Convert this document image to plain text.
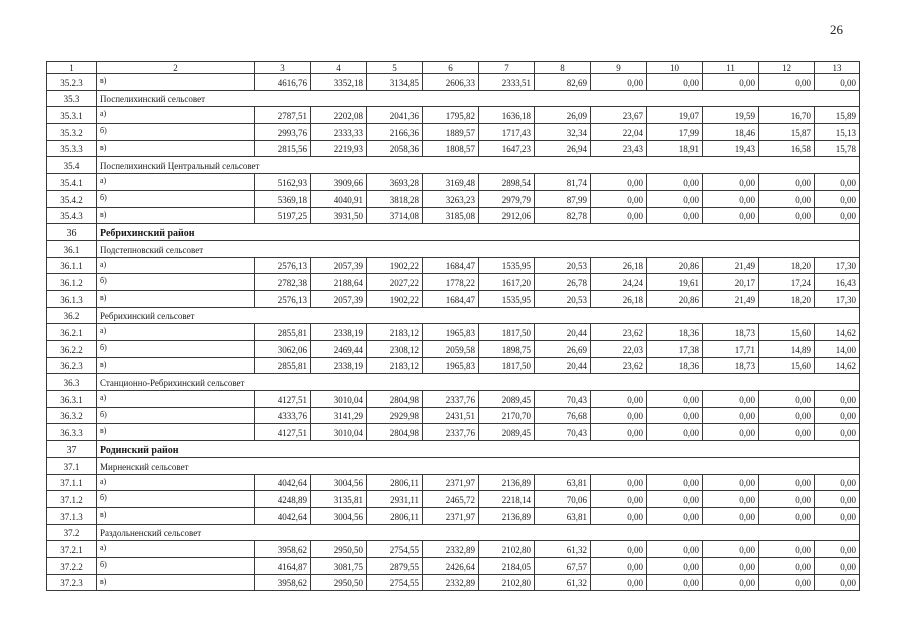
26
1	2	3	4	5	6	7	8	9	10	11	12	13
35.2.3	в)	4616,76	3352,18	3134,85	2606,33	2333,51	82,69	0,00	0,00	0,00	0,00	0,00
35.3	Поспелихинский сельсовет											
35.3.1	а)	2787,51	2202,08	2041,36	1795,82	1636,18	26,09	23,67	19,07	19,59	16,70	15,89
35.3.2	б)	2993,76	2333,33	2166,36	1889,57	1717,43	32,34	22,04	17,99	18,46	15,87	15,13
35.3.3	в)	2815,56	2219,93	2058,36	1808,57	1647,23	26,94	23,43	18,91	19,43	16,58	15,78
35.4	Поспелихинский Центральный сельсовет											
35.4.1	а)	5162,93	3909,66	3693,28	3169,48	2898,54	81,74	0,00	0,00	0,00	0,00	0,00
35.4.2	б)	5369,18	4040,91	3818,28	3263,23	2979,79	87,99	0,00	0,00	0,00	0,00	0,00
35.4.3	в)	5197,25	3931,50	3714,08	3185,08	2912,06	82,78	0,00	0,00	0,00	0,00	0,00
36	Ребрихинский район											
36.1	Подстепновский сельсовет											
36.1.1	а)	2576,13	2057,39	1902,22	1684,47	1535,95	20,53	26,18	20,86	21,49	18,20	17,30
36.1.2	б)	2782,38	2188,64	2027,22	1778,22	1617,20	26,78	24,24	19,61	20,17	17,24	16,43
36.1.3	в)	2576,13	2057,39	1902,22	1684,47	1535,95	20,53	26,18	20,86	21,49	18,20	17,30
36.2	Ребрихинский сельсовет											
36.2.1	а)	2855,81	2338,19	2183,12	1965,83	1817,50	20,44	23,62	18,36	18,73	15,60	14,62
36.2.2	б)	3062,06	2469,44	2308,12	2059,58	1898,75	26,69	22,03	17,38	17,71	14,89	14,00
36.2.3	в)	2855,81	2338,19	2183,12	1965,83	1817,50	20,44	23,62	18,36	18,73	15,60	14,62
36.3	Станционно-Ребрихинский сельсовет											
36.3.1	а)	4127,51	3010,04	2804,98	2337,76	2089,45	70,43	0,00	0,00	0,00	0,00	0,00
36.3.2	б)	4333,76	3141,29	2929,98	2431,51	2170,70	76,68	0,00	0,00	0,00	0,00	0,00
36.3.3	в)	4127,51	3010,04	2804,98	2337,76	2089,45	70,43	0,00	0,00	0,00	0,00	0,00
37	Родинский район											
37.1	Мирненский сельсовет											
37.1.1	а)	4042,64	3004,56	2806,11	2371,97	2136,89	63,81	0,00	0,00	0,00	0,00	0,00
37.1.2	б)	4248,89	3135,81	2931,11	2465,72	2218,14	70,06	0,00	0,00	0,00	0,00	0,00
37.1.3	в)	4042,64	3004,56	2806,11	2371,97	2136,89	63,81	0,00	0,00	0,00	0,00	0,00
37.2	Раздольненский сельсовет											
37.2.1	а)	3958,62	2950,50	2754,55	2332,89	2102,80	61,32	0,00	0,00	0,00	0,00	0,00
37.2.2	б)	4164,87	3081,75	2879,55	2426,64	2184,05	67,57	0,00	0,00	0,00	0,00	0,00
37.2.3	в)	3958,62	2950,50	2754,55	2332,89	2102,80	61,32	0,00	0,00	0,00	0,00	0,00
